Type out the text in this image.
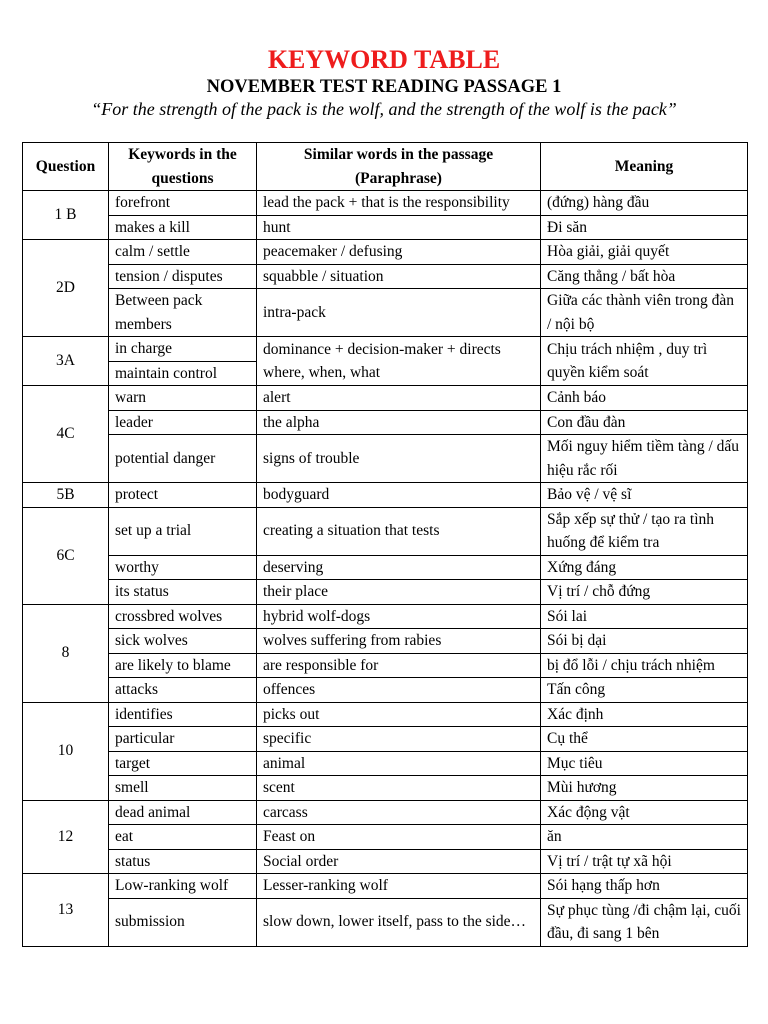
KEYWORD TABLE
NOVEMBER TEST READING PASSAGE 1
“For the strength of the pack is the wolf, and the strength of the wolf is the pack”
Question	Keywords in the questions	Similar words in the passage (Paraphrase)	Meaning
1 B	forefront	lead the pack + that is the responsibility	(đứng) hàng đầu
	makes a kill	hunt	Đi săn
2D	calm / settle	peacemaker / defusing	Hòa giải, giải quyết
	tension / disputes	squabble / situation	Căng thẳng / bất hòa
	Between pack members	intra-pack	Giữa các thành viên trong đàn / nội bộ
3A	in charge	dominance + decision-maker + directs where, when, what	Chịu trách nhiệm , duy trì quyền kiểm soát
	maintain control		
4C	warn	alert	Cảnh báo
	leader	the alpha	Con đầu đàn
	potential danger	signs of trouble	Mối nguy hiểm tiềm tàng / dấu hiệu rắc rối
5B	protect	bodyguard	Bảo vệ / vệ sĩ
6C	set up a trial	creating a situation that tests	Sắp xếp sự thử / tạo ra tình huống để kiểm tra
	worthy	deserving	Xứng đáng
	its status	their place	Vị trí / chỗ đứng
8	crossbred wolves	hybrid wolf-dogs	Sói lai
	sick wolves	wolves suffering from rabies	Sói bị dại
	are likely to blame	are responsible for	bị đổ lỗi / chịu trách nhiệm
	attacks	offences	Tấn công
10	identifies	picks out	Xác định
	particular	specific	Cụ thể
	target	animal	Mục tiêu
	smell	scent	Mùi hương
12	dead animal	carcass	Xác động vật
	eat	Feast on	ăn
	status	Social order	Vị trí / trật tự xã hội
13	Low-ranking wolf	Lesser-ranking wolf	Sói hạng thấp hơn
	submission	slow down, lower itself, pass to the side…	Sự phục tùng /đi chậm lại, cuối đầu, đi sang 1 bên
